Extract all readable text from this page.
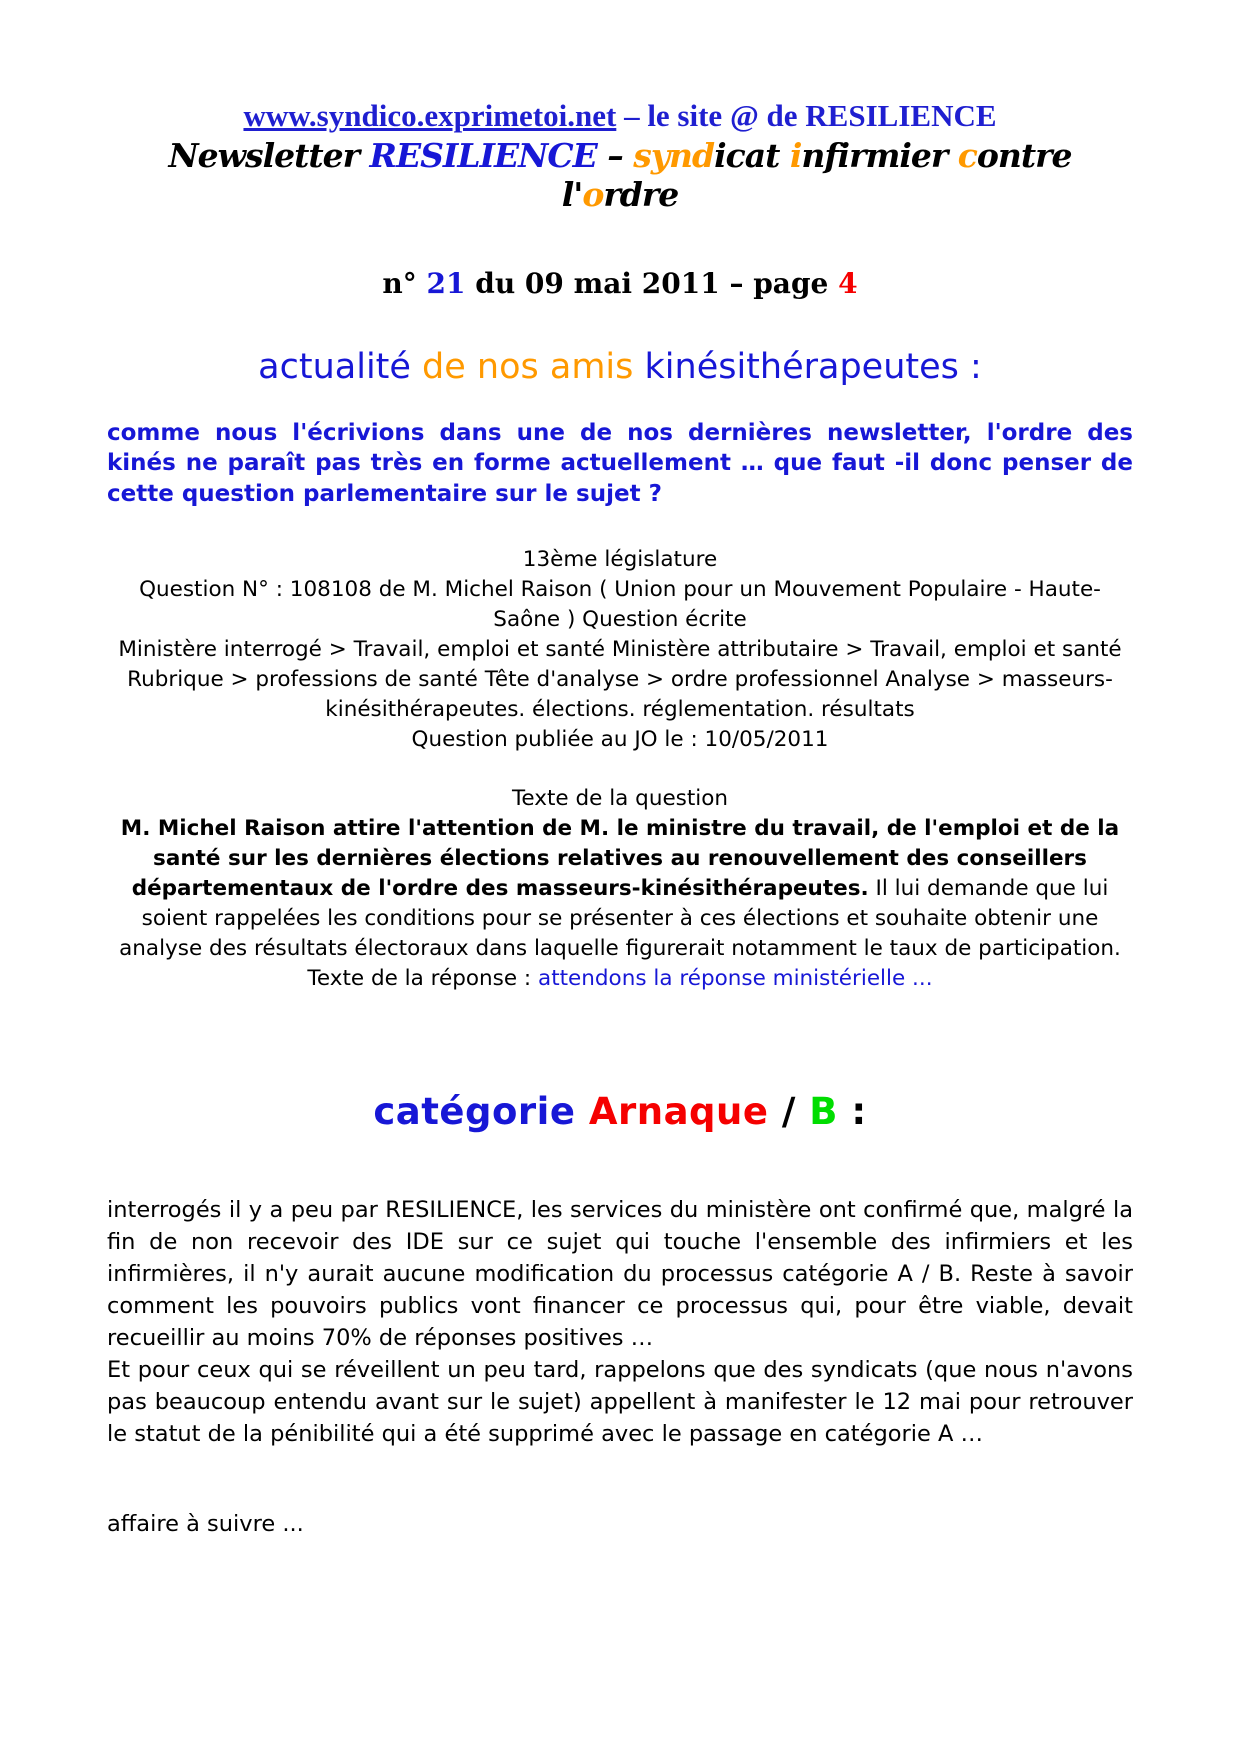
www.syndico.exprimetoi.net – le site @ de RESILIENCE
Newsletter RESILIENCE – syndicat infirmier contre l'ordre
n° 21 du 09 mai 2011 – page 4
actualité de nos amis kinésithérapeutes :

comme nous l'écrivions dans une de nos dernières newsletter, l'ordre des kinés ne paraît pas très en forme actuellement … que faut -il donc penser de cette question parlementaire sur le sujet ?

13ème législature
Question N° : 108108 de M. Michel Raison ( Union pour un Mouvement Populaire - Haute-Saône ) Question écrite
Ministère interrogé > Travail, emploi et santé Ministère attributaire > Travail, emploi et santé
Rubrique > professions de santé Tête d'analyse > ordre professionnel Analyse > masseurs-kinésithérapeutes. élections. réglementation. résultats
Question publiée au JO le : 10/05/2011
Texte de la question

M. Michel Raison attire l'attention de M. le ministre du travail, de l'emploi et de la santé sur les dernières élections relatives au renouvellement des conseillers départementaux de l'ordre des masseurs-kinésithérapeutes. Il lui demande que lui soient rappelées les conditions pour se présenter à ces élections et souhaite obtenir une analyse des résultats électoraux dans laquelle figurerait notamment le taux de participation.

Texte de la réponse : attendons la réponse ministérielle ...
catégorie Arnaque / B :

interrogés il y a peu par RESILIENCE, les services du ministère ont confirmé que, malgré la fin de non recevoir des IDE sur ce sujet qui touche l'ensemble des infirmiers et les infirmières, il n'y aurait aucune modification du processus catégorie A / B. Reste à savoir comment les pouvoirs publics vont financer ce processus qui, pour être viable, devait recueillir au moins 70% de réponses positives …

Et pour ceux qui se réveillent un peu tard, rappelons que des syndicats (que nous n'avons pas beaucoup entendu avant sur le sujet) appellent à manifester le 12 mai pour retrouver le statut de la pénibilité qui a été supprimé avec le passage en catégorie A …

affaire à suivre ...
